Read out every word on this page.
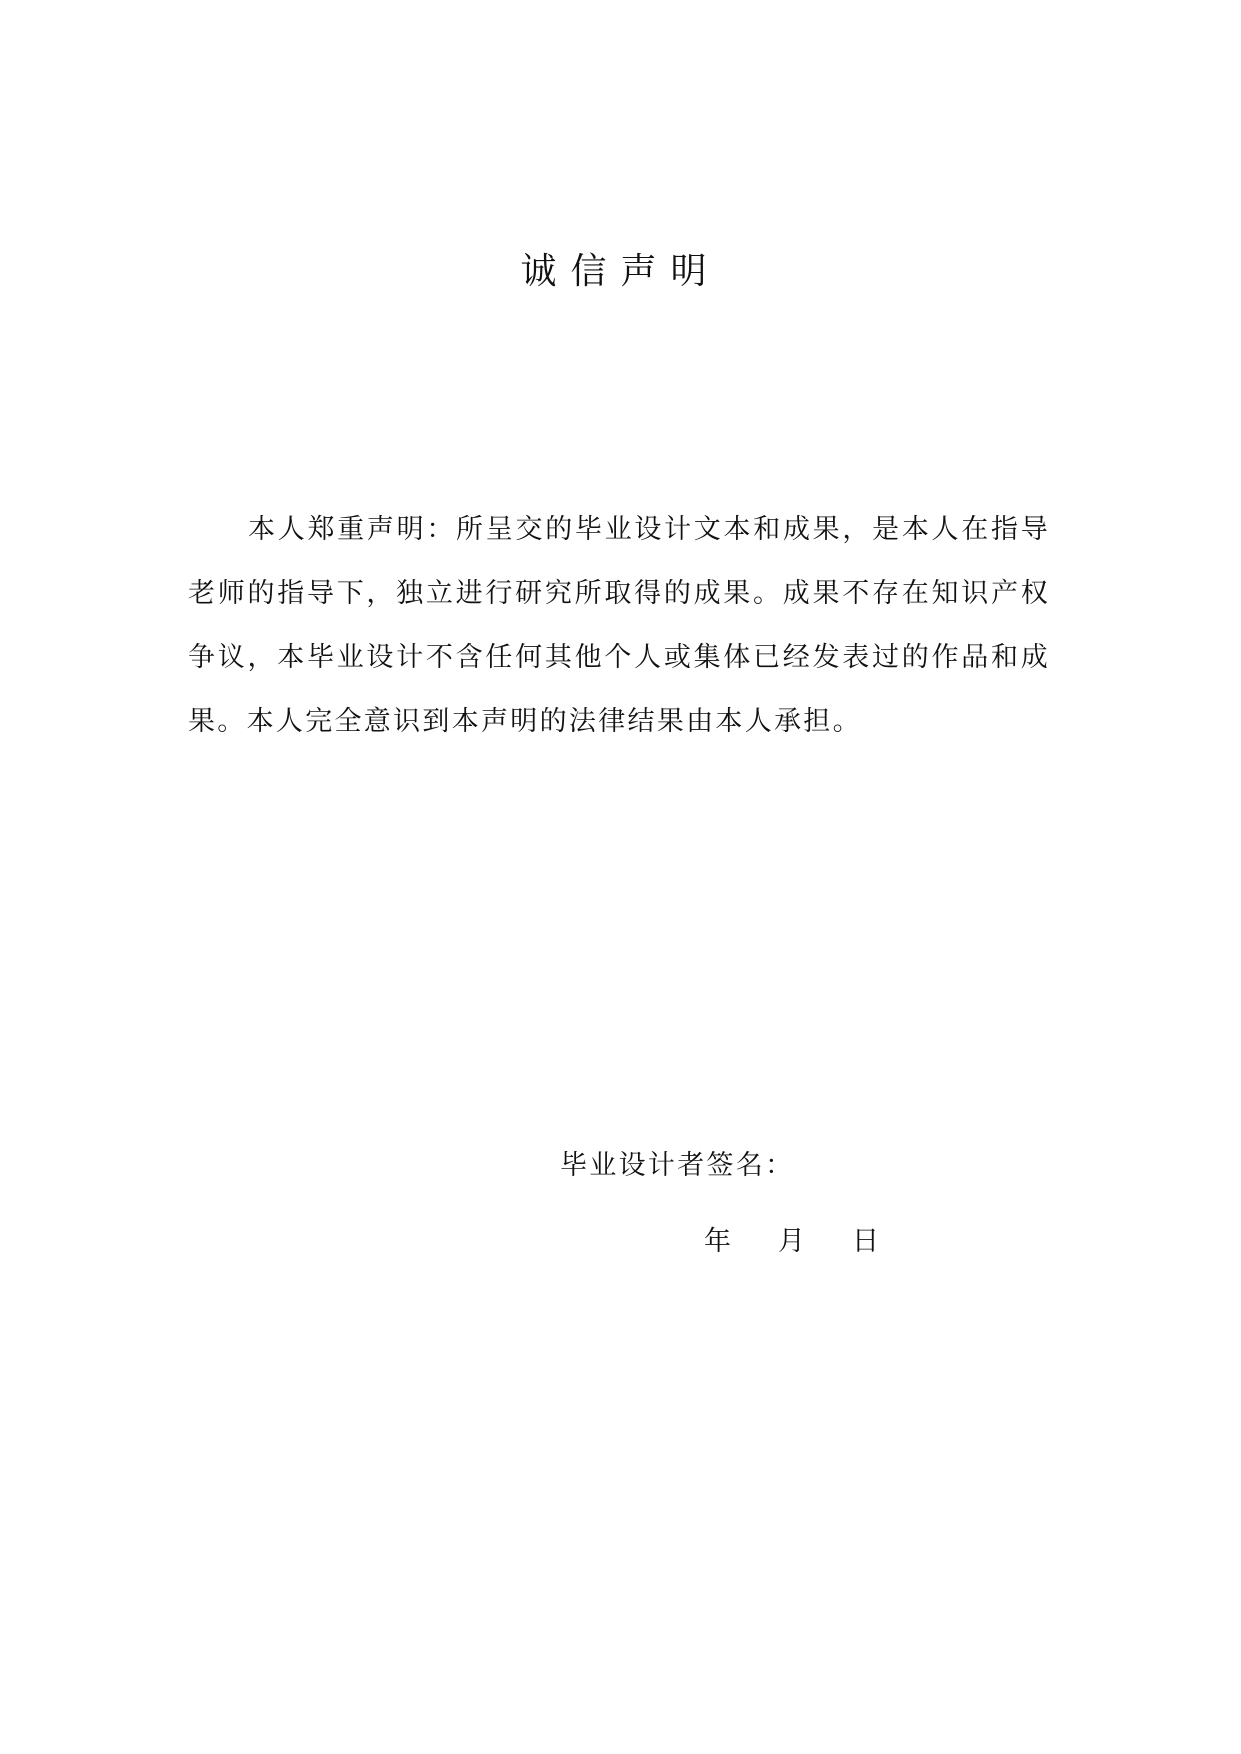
诚信声明
本人郑重声明：所呈交的毕业设计文本和成果，是本人在指导老师的指导下，独立进行研究所取得的成果。成果不存在知识产权争议，本毕业设计不含任何其他个人或集体已经发表过的作品和成果。本人完全意识到本声明的法律结果由本人承担。
毕业设计者签名：
年 月 日
